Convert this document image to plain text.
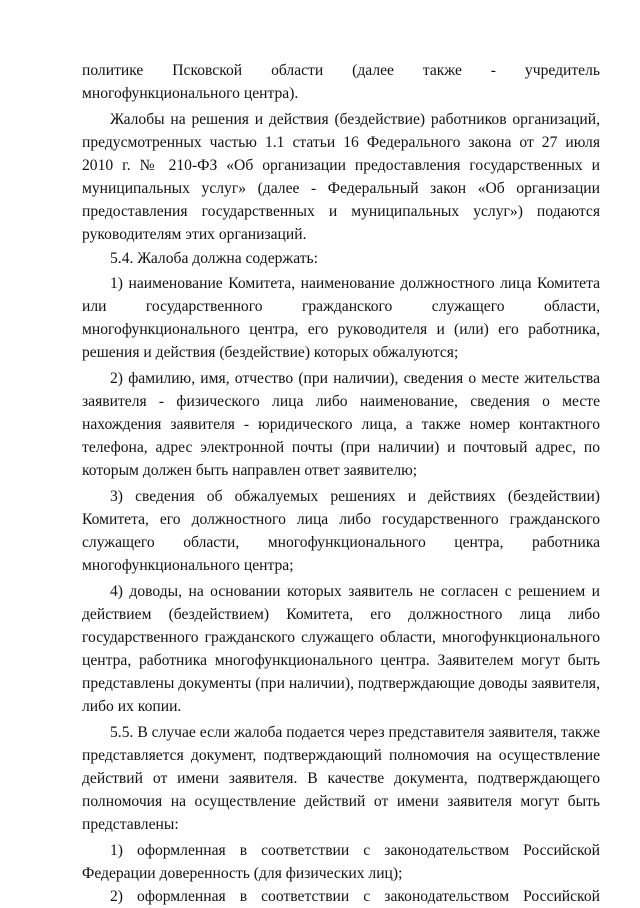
политике Псковской области (далее также - учредитель
многофункционального центра).
Жалобы на решения и действия (бездействие) работников организаций,
предусмотренных частью 1.1 статьи 16 Федерального закона от 27 июля
2010 г. № 210-ФЗ «Об организации предоставления государственных и
муниципальных услуг» (далее - Федеральный закон «Об организации
предоставления государственных и муниципальных услуг») подаются
руководителям этих организаций.
5.4. Жалоба должна содержать:
1) наименование Комитета, наименование должностного лица Комитета
или государственного гражданского служащего области,
многофункционального центра, его руководителя и (или) его работника,
решения и действия (бездействие) которых обжалуются;
2) фамилию, имя, отчество (при наличии), сведения о месте жительства
заявителя - физического лица либо наименование, сведения о месте
нахождения заявителя - юридического лица, а также номер контактного
телефона, адрес электронной почты (при наличии) и почтовый адрес, по
которым должен быть направлен ответ заявителю;
3) сведения об обжалуемых решениях и действиях (бездействии)
Комитета, его должностного лица либо государственного гражданского
служащего области, многофункционального центра, работника
многофункционального центра;
4) доводы, на основании которых заявитель не согласен с решением и
действием (бездействием) Комитета, его должностного лица либо
государственного гражданского служащего области, многофункционального
центра, работника многофункционального центра. Заявителем могут быть
представлены документы (при наличии), подтверждающие доводы заявителя,
либо их копии.
5.5. В случае если жалоба подается через представителя заявителя, также
представляется документ, подтверждающий полномочия на осуществление
действий от имени заявителя. В качестве документа, подтверждающего
полномочия на осуществление действий от имени заявителя могут быть
представлены:
1) оформленная в соответствии с законодательством Российской
Федерации доверенность (для физических лиц);
2) оформленная в соответствии с законодательством Российской
